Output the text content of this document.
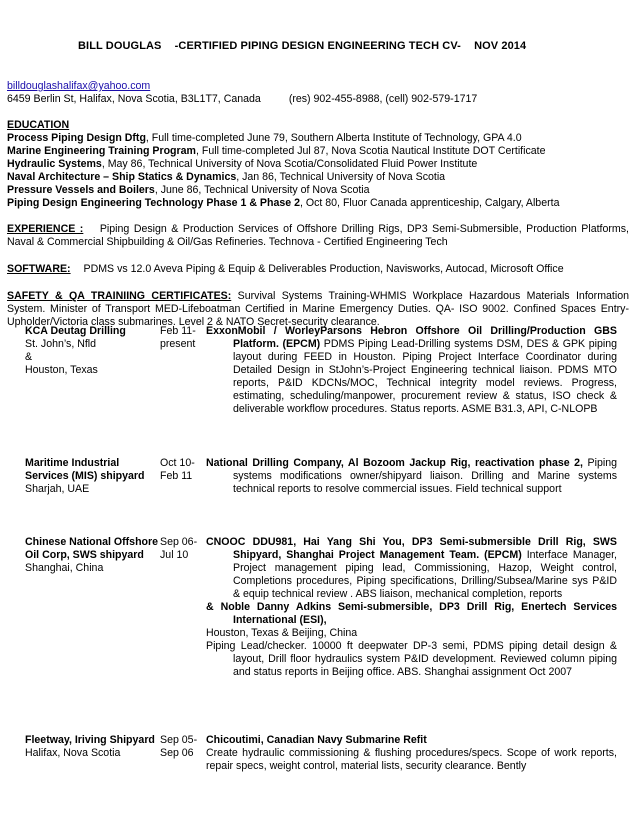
BILL DOUGLAS -CERTIFIED PIPING DESIGN ENGINEERING TECH CV- NOV 2014
billdouglashalifax@yahoo.com
6459 Berlin St, Halifax, Nova Scotia, B3L1T7, Canada	(res) 902-455-8988, (cell) 902-579-1717
EDUCATION
Process Piping Design Dftg, Full time-completed June 79, Southern Alberta Institute of Technology, GPA 4.0
Marine Engineering Training Program, Full time-completed Jul 87, Nova Scotia Nautical Institute DOT Certificate
Hydraulic Systems, May 86, Technical University of Nova Scotia/Consolidated Fluid Power Institute
Naval Architecture – Ship Statics & Dynamics, Jan 86, Technical University of Nova Scotia
Pressure Vessels and Boilers, June 86, Technical University of Nova Scotia
Piping Design Engineering Technology Phase 1 & Phase 2, Oct 80, Fluor Canada apprenticeship, Calgary, Alberta
EXPERIENCE : Piping Design & Production Services of Offshore Drilling Rigs, DP3 Semi-Submersible, Production Platforms, Naval & Commercial Shipbuilding & Oil/Gas Refineries. Technova - Certified Engineering Tech
SOFTWARE: PDMS vs 12.0 Aveva Piping & Equip & Deliverables Production, Navisworks, Autocad, Microsoft Office
SAFETY & QA TRAINIING CERTIFICATES: Survival Systems Training-WHMIS Workplace Hazardous Materials Information System. Minister of Transport MED-Lifeboatman Certified in Marine Emergency Duties. QA- ISO 9002. Confined Spaces Entry-Upholder/Victoria class submarines. Level 2 & NATO Secret-security clearance.
KCA Deutag Drilling
St. John’s, Nfld
&
Houston, Texas
Feb 11-
present
ExxonMobil / WorleyParsons Hebron Offshore Oil Drilling/Production GBS Platform. (EPCM) PDMS Piping Lead-Drilling systems DSM, DES & GPK piping layout during FEED in Houston. Piping Project Interface Coordinator during Detailed Design in StJohn’s-Project Engineering technical liaison. PDMS MTO reports, P&ID KDCNs/MOC, Technical integrity model reviews. Progress, estimating, scheduling/manpower, procurement review & status, ISO check & deliverable workflow procedures. Status reports. ASME B31.3, API, C-NLOPB
Maritime Industrial Services (MIS) shipyard
Sharjah, UAE
Oct 10-
Feb 11
National Drilling Company, Al Bozoom Jackup Rig, reactivation phase 2, Piping systems modifications owner/shipyard liaison. Drilling and Marine systems technical reports to resolve commercial issues. Field technical support
Chinese National Offshore Oil Corp, SWS shipyard
Shanghai, China
Sep 06-
Jul 10
CNOOC DDU981, Hai Yang Shi You, DP3 Semi-submersible Drill Rig, SWS Shipyard, Shanghai Project Management Team. (EPCM) Interface Manager, Project management piping lead, Commissioning, Hazop, Weight control, Completions procedures, Piping specifications, Drilling/Subsea/Marine sys P&ID & equip technical review . ABS liaison, mechanical completion, reports
& Noble Danny Adkins Semi-submersible, DP3 Drill Rig, Enertech Services International (ESI),
Houston, Texas & Beijing, China
Piping Lead/checker. 10000 ft deepwater DP-3 semi, PDMS piping detail design & layout, Drill floor hydraulics system P&ID development. Reviewed column piping and status reports in Beijing office. ABS. Shanghai assignment Oct 2007
Fleetway, Iriving Shipyard
Halifax, Nova Scotia
Sep 05-
Sep 06
Chicoutimi, Canadian Navy Submarine Refit
Create hydraulic commissioning & flushing procedures/specs. Scope of work reports, repair specs, weight control, material lists, security clearance. Bently
